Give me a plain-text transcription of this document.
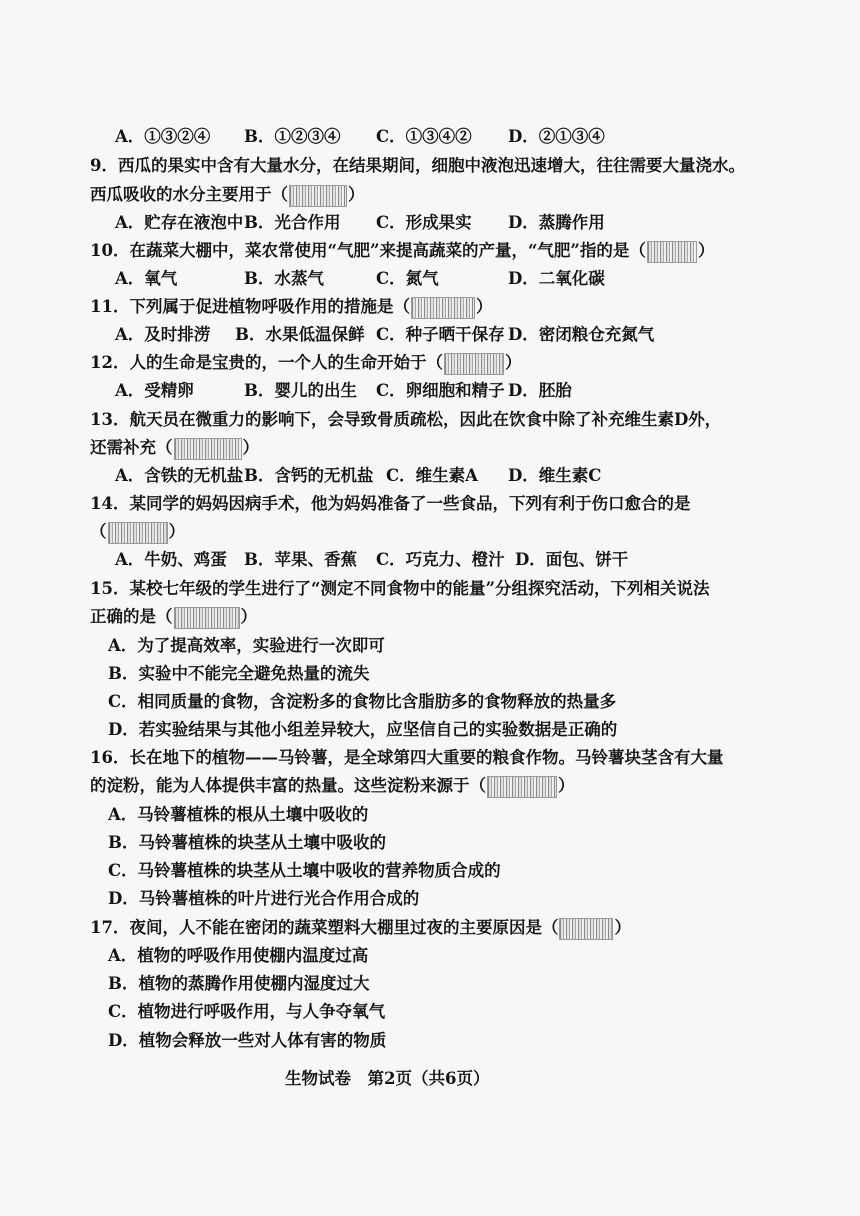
A．①③②④ B．①②③④ C．①③④② D．②①③④
9．西瓜的果实中含有大量水分，在结果期间，细胞中液泡迅速增大，往往需要大量浇水。
西瓜吸收的水分主要用于（	）
A．贮存在液泡中 B．光合作用 C．形成果实 D．蒸腾作用
10．在蔬菜大棚中，菜农常使用“气肥”来提高蔬菜的产量，“气肥”指的是（	）
A．氧气	B．水蒸气	C．氮气	D．二氧化碳
11．下列属于促进植物呼吸作用的措施是（	）
A．及时排涝 B．水果低温保鲜 C．种子晒干保存 D．密闭粮仓充氮气
12．人的生命是宝贵的，一个人的生命开始于（	）
A．受精卵	B．婴儿的出生 C．卵细胞和精子 D．胚胎
13．航天员在微重力的影响下，会导致骨质疏松，因此在饮食中除了补充维生素D外，
还需补充（	）
A．含铁的无机盐 B．含钙的无机盐 C．维生素A D．维生素C
14．某同学的妈妈因病手术，他为妈妈准备了一些食品，下列有利于伤口愈合的是
（	）
A．牛奶、鸡蛋 B．苹果、香蕉 C．巧克力、橙汁 D．面包、饼干
15．某校七年级的学生进行了“测定不同食物中的能量”分组探究活动，下列相关说法
正确的是（	）
A．为了提高效率，实验进行一次即可
B．实验中不能完全避免热量的流失
C．相同质量的食物，含淀粉多的食物比含脂肪多的食物释放的热量多
D．若实验结果与其他小组差异较大，应坚信自己的实验数据是正确的
16．长在地下的植物——马铃薯，是全球第四大重要的粮食作物。马铃薯块茎含有大量
的淀粉，能为人体提供丰富的热量。这些淀粉来源于（	）
A．马铃薯植株的根从土壤中吸收的
B．马铃薯植株的块茎从土壤中吸收的
C．马铃薯植株的块茎从土壤中吸收的营养物质合成的
D．马铃薯植株的叶片进行光合作用合成的
17．夜间，人不能在密闭的蔬菜塑料大棚里过夜的主要原因是（	）
A．植物的呼吸作用使棚内温度过高
B．植物的蒸腾作用使棚内湿度过大
C．植物进行呼吸作用，与人争夺氧气
D．植物会释放一些对人体有害的物质
生物试卷　第2页（共6页）
